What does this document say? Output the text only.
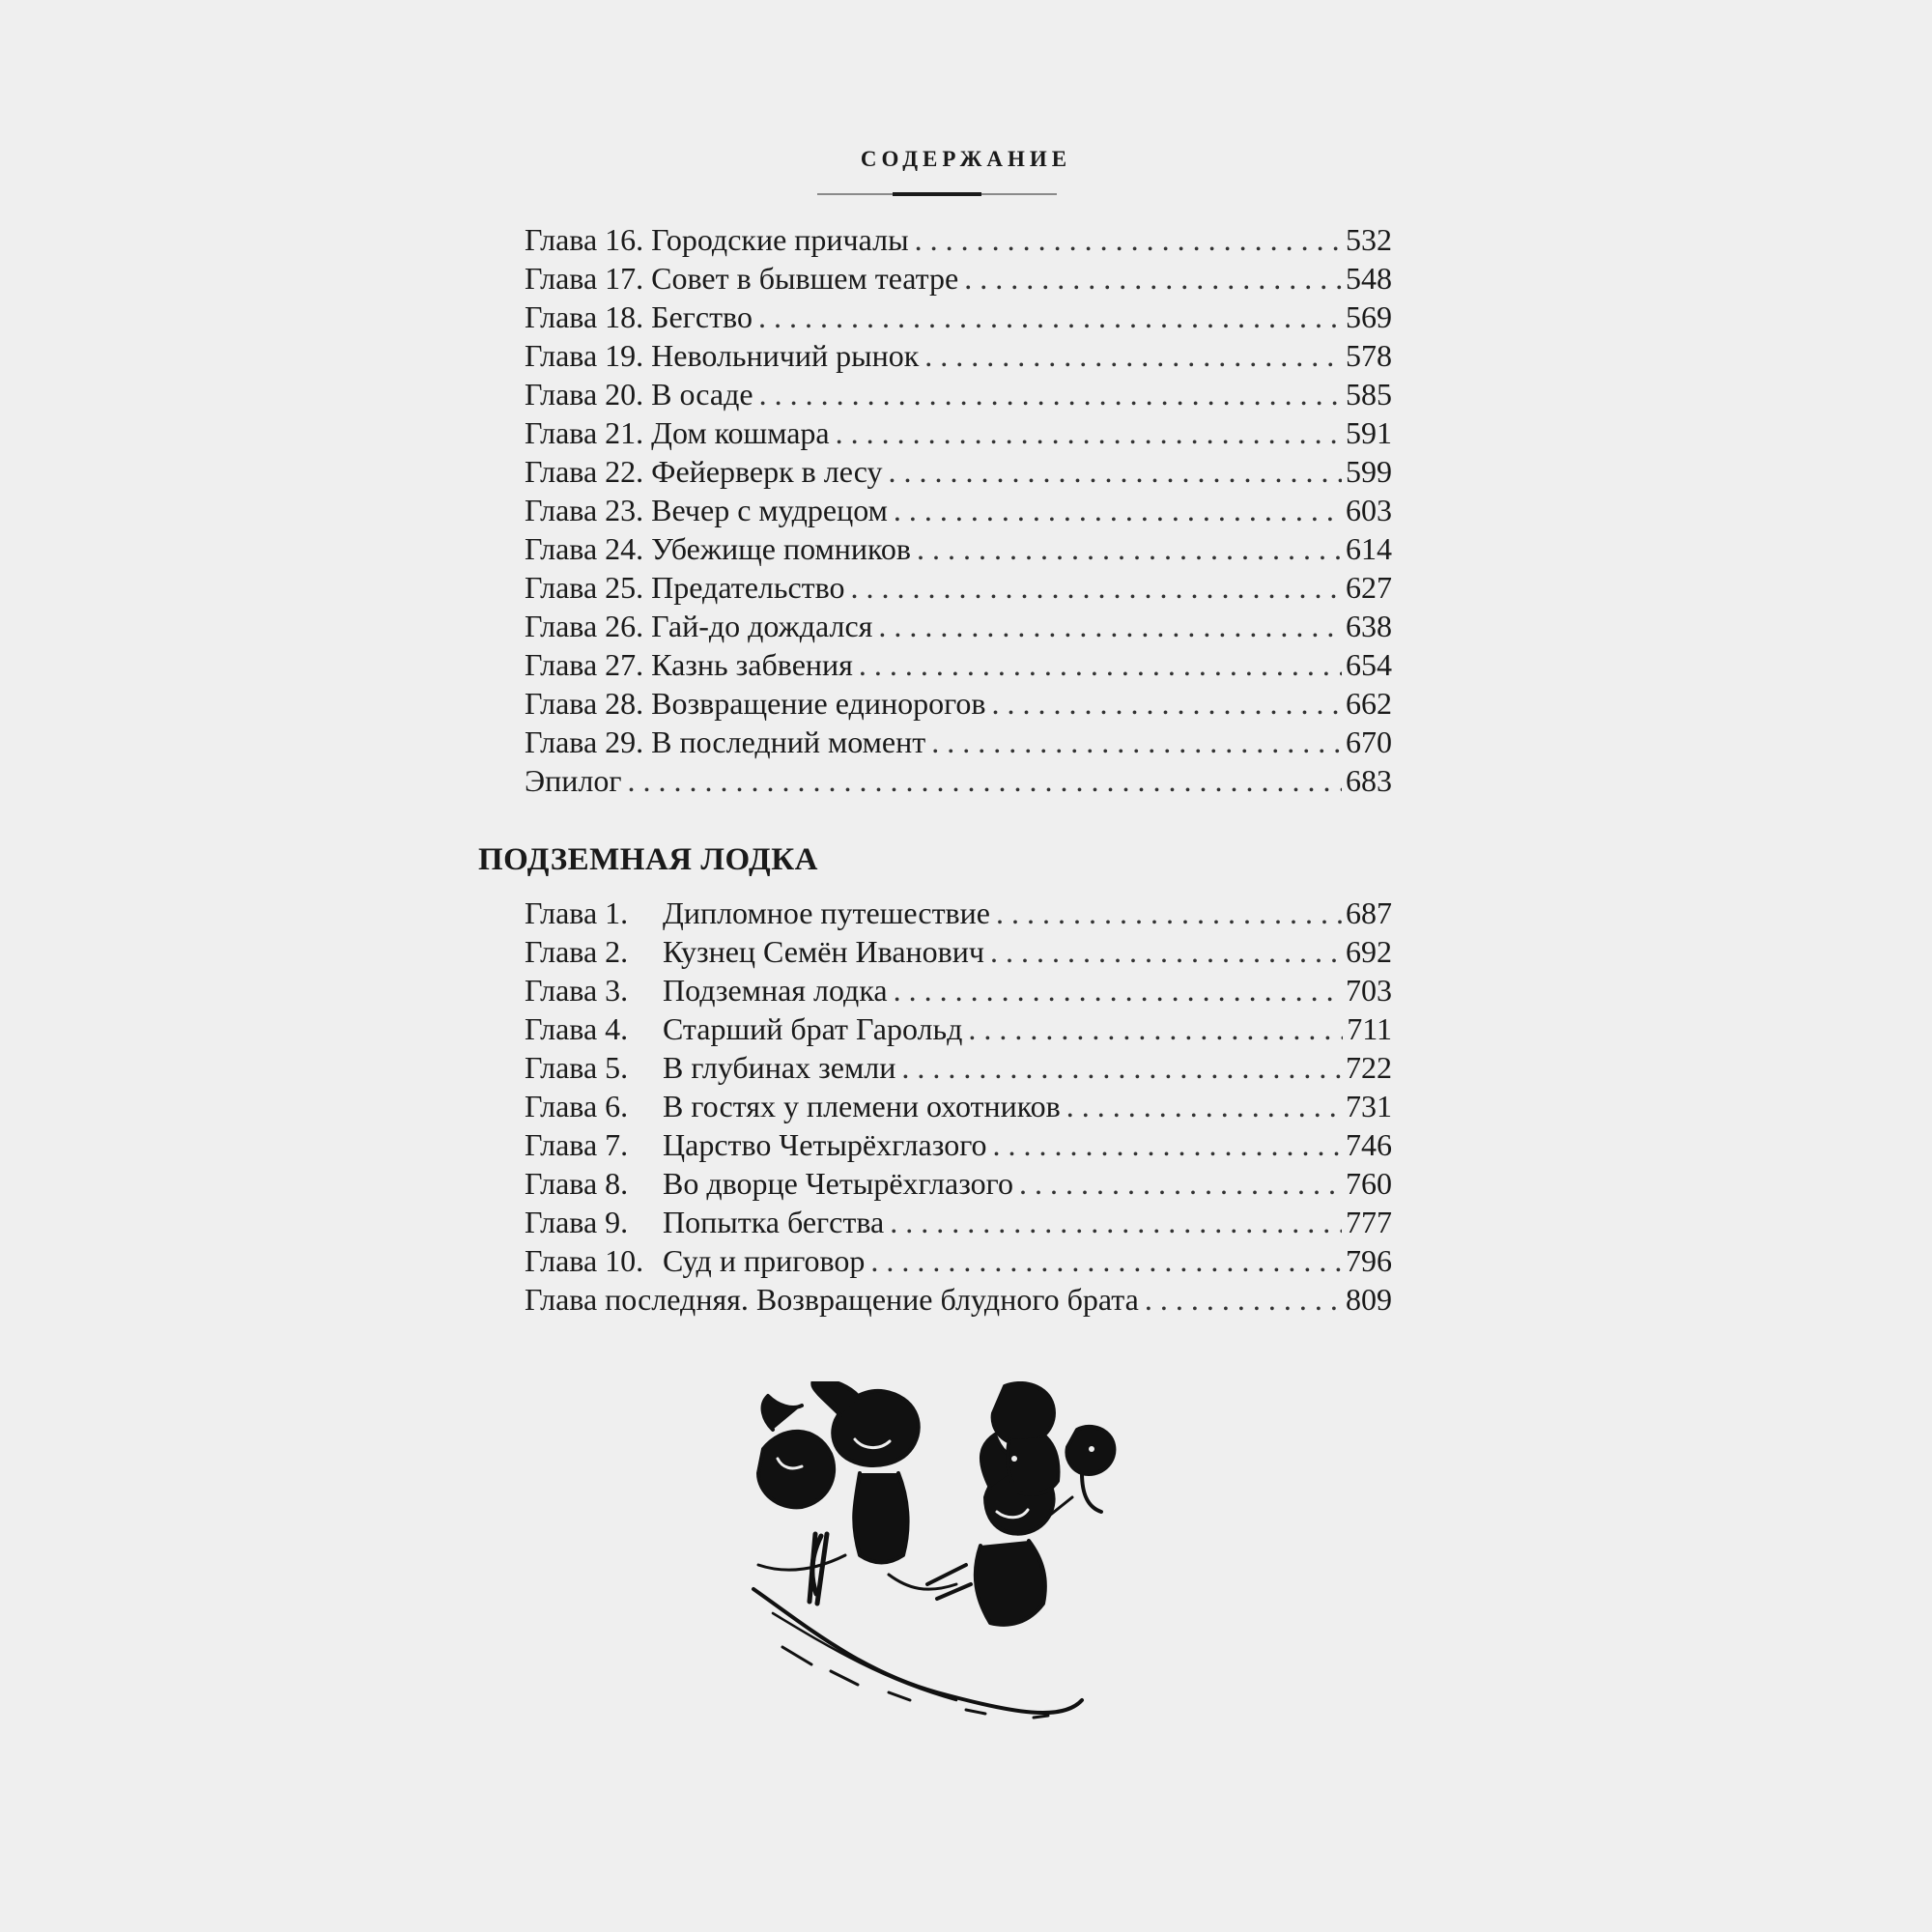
СОДЕРЖАНИЕ
Глава 16. Городские причалы . . .	532
Глава 17. Совет в бывшем театре . . .	548
Глава 18. Бегство . . .	569
Глава 19. Невольничий рынок . . .	578
Глава 20. В осаде . . .	585
Глава 21. Дом кошмара . . .	591
Глава 22. Фейерверк в лесу . . .	599
Глава 23. Вечер с мудрецом . . .	603
Глава 24. Убежище помников . . .	614
Глава 25. Предательство . . .	627
Глава 26. Гай-до дождался . . .	638
Глава 27. Казнь забвения . . .	654
Глава 28. Возвращение единорогов . . .	662
Глава 29. В последний момент . . .	670
Эпилог . . .	683
ПОДЗЕМНАЯ ЛОДКА
Глава 1. Дипломное путешествие . . .	687
Глава 2. Кузнец Семён Иванович . . .	692
Глава 3. Подземная лодка . . .	703
Глава 4. Старший брат Гарольд . . .	711
Глава 5. В глубинах земли . . .	722
Глава 6. В гостях у племени охотников . . .	731
Глава 7. Царство Четырёхглазого . . .	746
Глава 8. Во дворце Четырёхглазого . . .	760
Глава 9. Попытка бегства . . .	777
Глава 10. Суд и приговор . . .	796
Глава последняя. Возвращение блудного брата . . .	809
